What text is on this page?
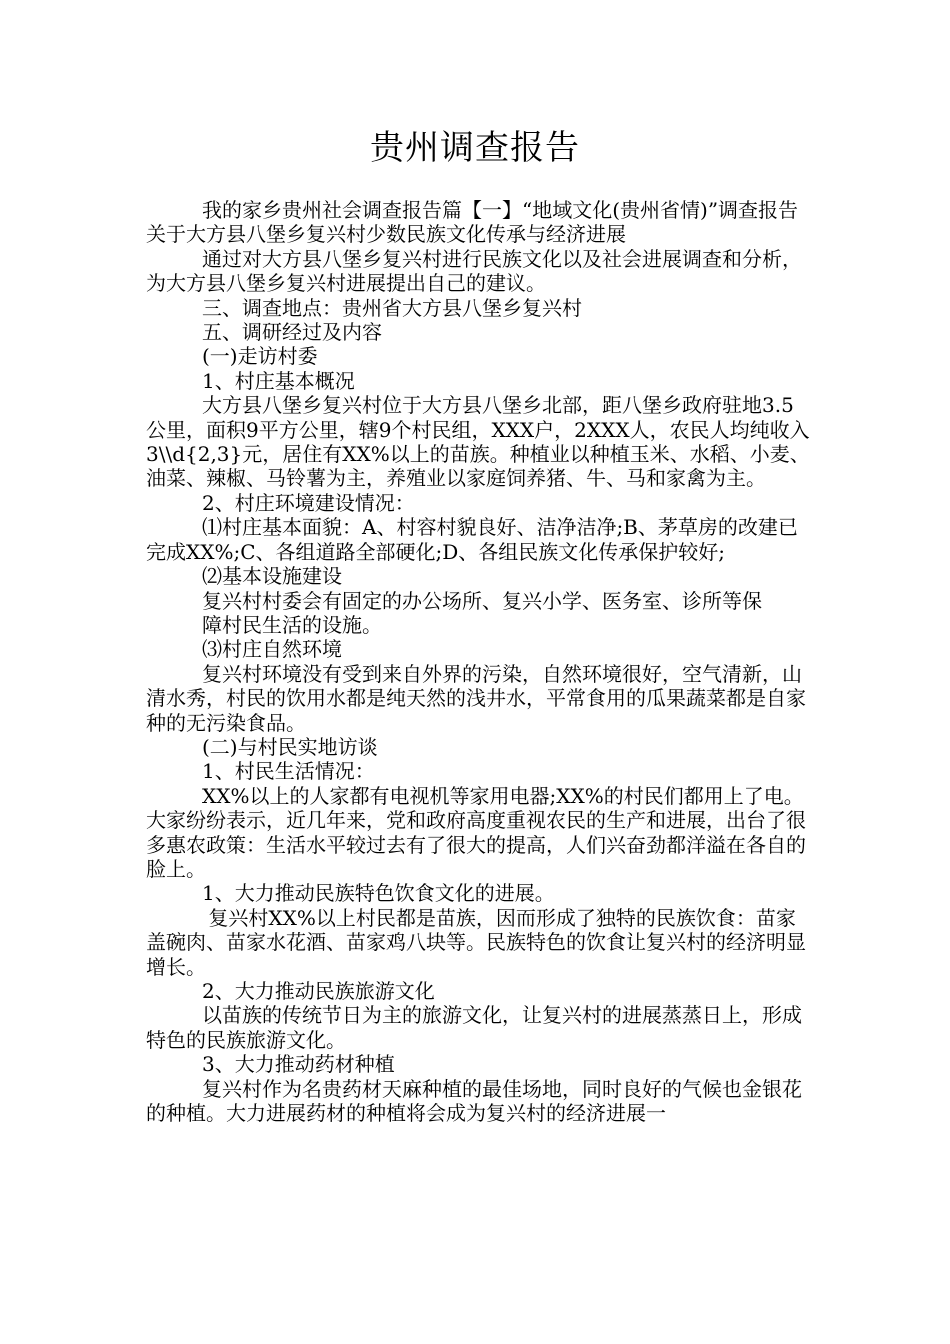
贵州调查报告

我的家乡贵州社会调查报告篇【一】“地域文化(贵州省情)”调查报告关于大方县八堡乡复兴村少数民族文化传承与经济进展

通过对大方县八堡乡复兴村进行民族文化以及社会进展调查和分析，为大方县八堡乡复兴村进展提出自己的建议。

三、调查地点：贵州省大方县八堡乡复兴村

五、调研经过及内容

(一)走访村委

1、村庄基本概况

大方县八堡乡复兴村位于大方县八堡乡北部，距八堡乡政府驻地3.5公里，面积9平方公里，辖9个村民组，XXX户，2XXX人，农民人均纯收入3\\d{2,3}元，居住有XX%以上的苗族。种植业以种植玉米、水稻、小麦、油菜、辣椒、马铃薯为主，养殖业以家庭饲养猪、牛、马和家禽为主。

2、村庄环境建设情况：

⑴村庄基本面貌：A、村容村貌良好、洁净洁净;B、茅草房的改建已完成XX%;C、各组道路全部硬化;D、各组民族文化传承保护较好;

⑵基本设施建设

复兴村村委会有固定的办公场所、复兴小学、医务室、诊所等保

障村民生活的设施。

⑶村庄自然环境

复兴村环境没有受到来自外界的污染，自然环境很好，空气清新，山清水秀，村民的饮用水都是纯天然的浅井水，平常食用的瓜果蔬菜都是自家种的无污染食品。

(二)与村民实地访谈

1、村民生活情况：

XX%以上的人家都有电视机等家用电器;XX%的村民们都用上了电。大家纷纷表示，近几年来，党和政府高度重视农民的生产和进展，出台了很多惠农政策：生活水平较过去有了很大的提高，人们兴奋劲都洋溢在各自的脸上。

1、大力推动民族特色饮食文化的进展。

复兴村XX%以上村民都是苗族，因而形成了独特的民族饮食：苗家盖碗肉、苗家水花酒、苗家鸡八块等。民族特色的饮食让复兴村的经济明显增长。

2、大力推动民族旅游文化

以苗族的传统节日为主的旅游文化，让复兴村的进展蒸蒸日上，形成特色的民族旅游文化。

3、大力推动药材种植

复兴村作为名贵药材天麻种植的最佳场地，同时良好的气候也金银花的种植。大力进展药材的种植将会成为复兴村的经济进展一
